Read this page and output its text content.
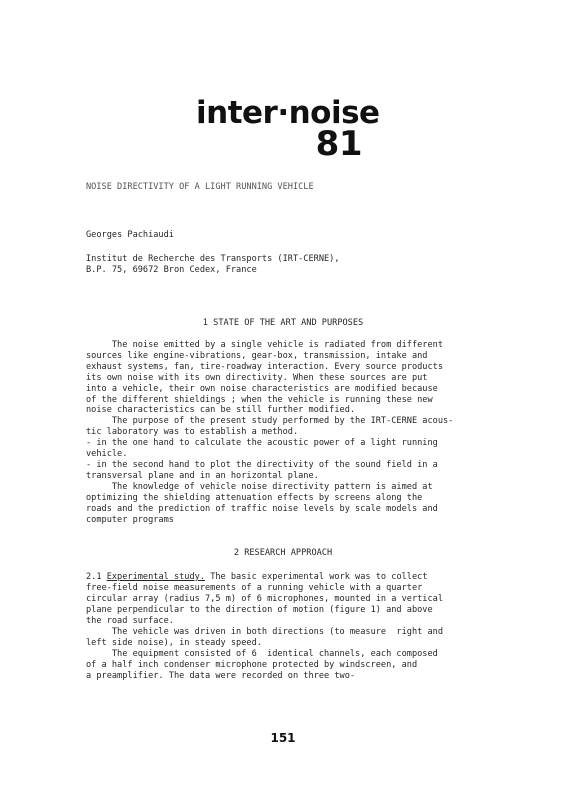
inter·noise
81
NOISE DIRECTIVITY OF A LIGHT RUNNING VEHICLE
Georges Pachiaudi
Institut de Recherche des Transports (IRT-CERNE),
B.P. 75, 69672 Bron Cedex, France
1 STATE OF THE ART AND PURPOSES
The noise emitted by a single vehicle is radiated from different
sources like engine-vibrations, gear-box, transmission, intake and
exhaust systems, fan, tire-roadway interaction. Every source products
its own noise with its own directivity. When these sources are put
into a vehicle, their own noise characteristics are modified because
of the different shieldings ; when the vehicle is running these new
noise characteristics can be still further modified.
The purpose of the present study performed by the IRT-CERNE acous-
tic laboratory was to establish a method.
- in the one hand to calculate the acoustic power of a light running
vehicle.
- in the second hand to plot the directivity of the sound field in a
transversal plane and in an horizontal plane.
The knowledge of vehicle noise directivity pattern is aimed at
optimizing the shielding attenuation effects by screens along the
roads and the prediction of traffic noise levels by scale models and
computer programs
2 RESEARCH APPROACH
2.1 Experimental study. The basic experimental work was to collect
free-field noise measurements of a running vehicle with a quarter
circular array (radius 7,5 m) of 6 microphones, mounted in a vertical
plane perpendicular to the direction of motion (figure 1) and above
the road surface.
The vehicle was driven in both directions (to measure  right and
left side noise), in steady speed.
The equipment consisted of 6  identical channels, each composed
of a half inch condenser microphone protected by windscreen, and
a preamplifier. The data were recorded on three two-
151
